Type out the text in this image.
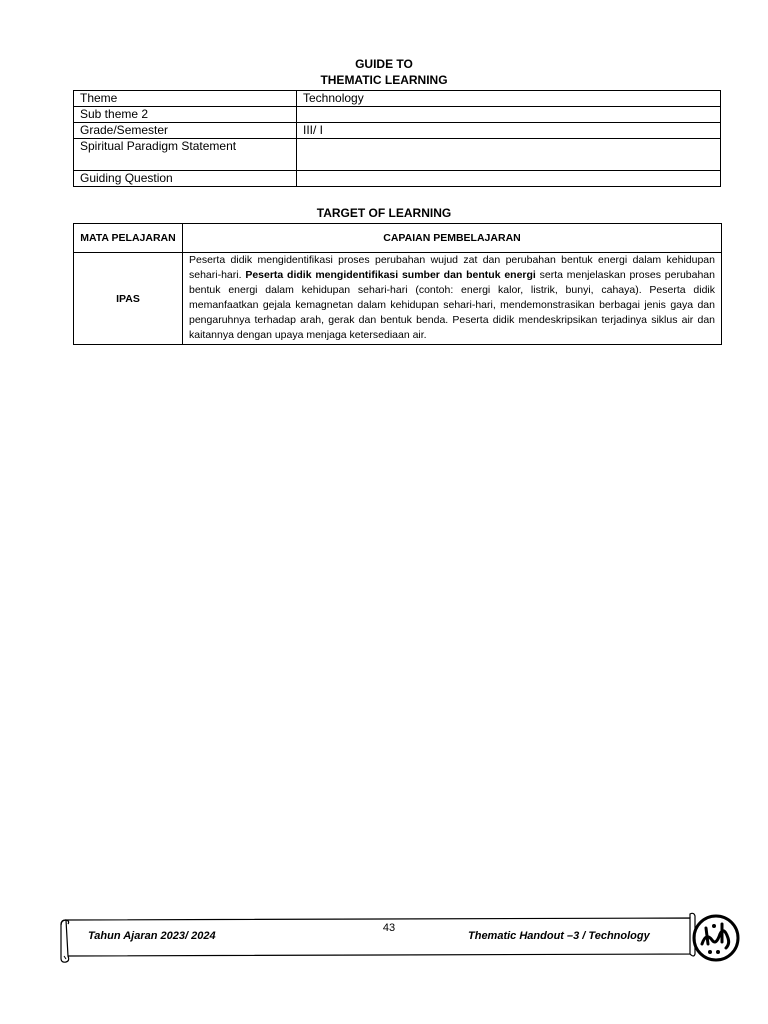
GUIDE TO
THEMATIC LEARNING
Theme	Technology
Sub theme 2	
Grade/Semester	III/ I
Spiritual Paradigm Statement	
Guiding Question	
TARGET OF LEARNING
MATA PELAJARAN	CAPAIAN PEMBELAJARAN
IPAS	Peserta didik mengidentifikasi proses perubahan wujud zat dan perubahan bentuk energi dalam kehidupan sehari-hari. Peserta didik mengidentifikasi sumber dan bentuk energi serta menjelaskan proses perubahan bentuk energi dalam kehidupan sehari-hari (contoh: energi kalor, listrik, bunyi, cahaya). Peserta didik memanfaatkan gejala kemagnetan dalam kehidupan sehari-hari, mendemonstrasikan berbagai jenis gaya dan pengaruhnya terhadap arah, gerak dan bentuk benda. Peserta didik mendeskripsikan terjadinya siklus air dan kaitannya dengan upaya menjaga ketersediaan air.
Tahun Ajaran 2023/ 2024
43
Thematic Handout –3 / Technology
